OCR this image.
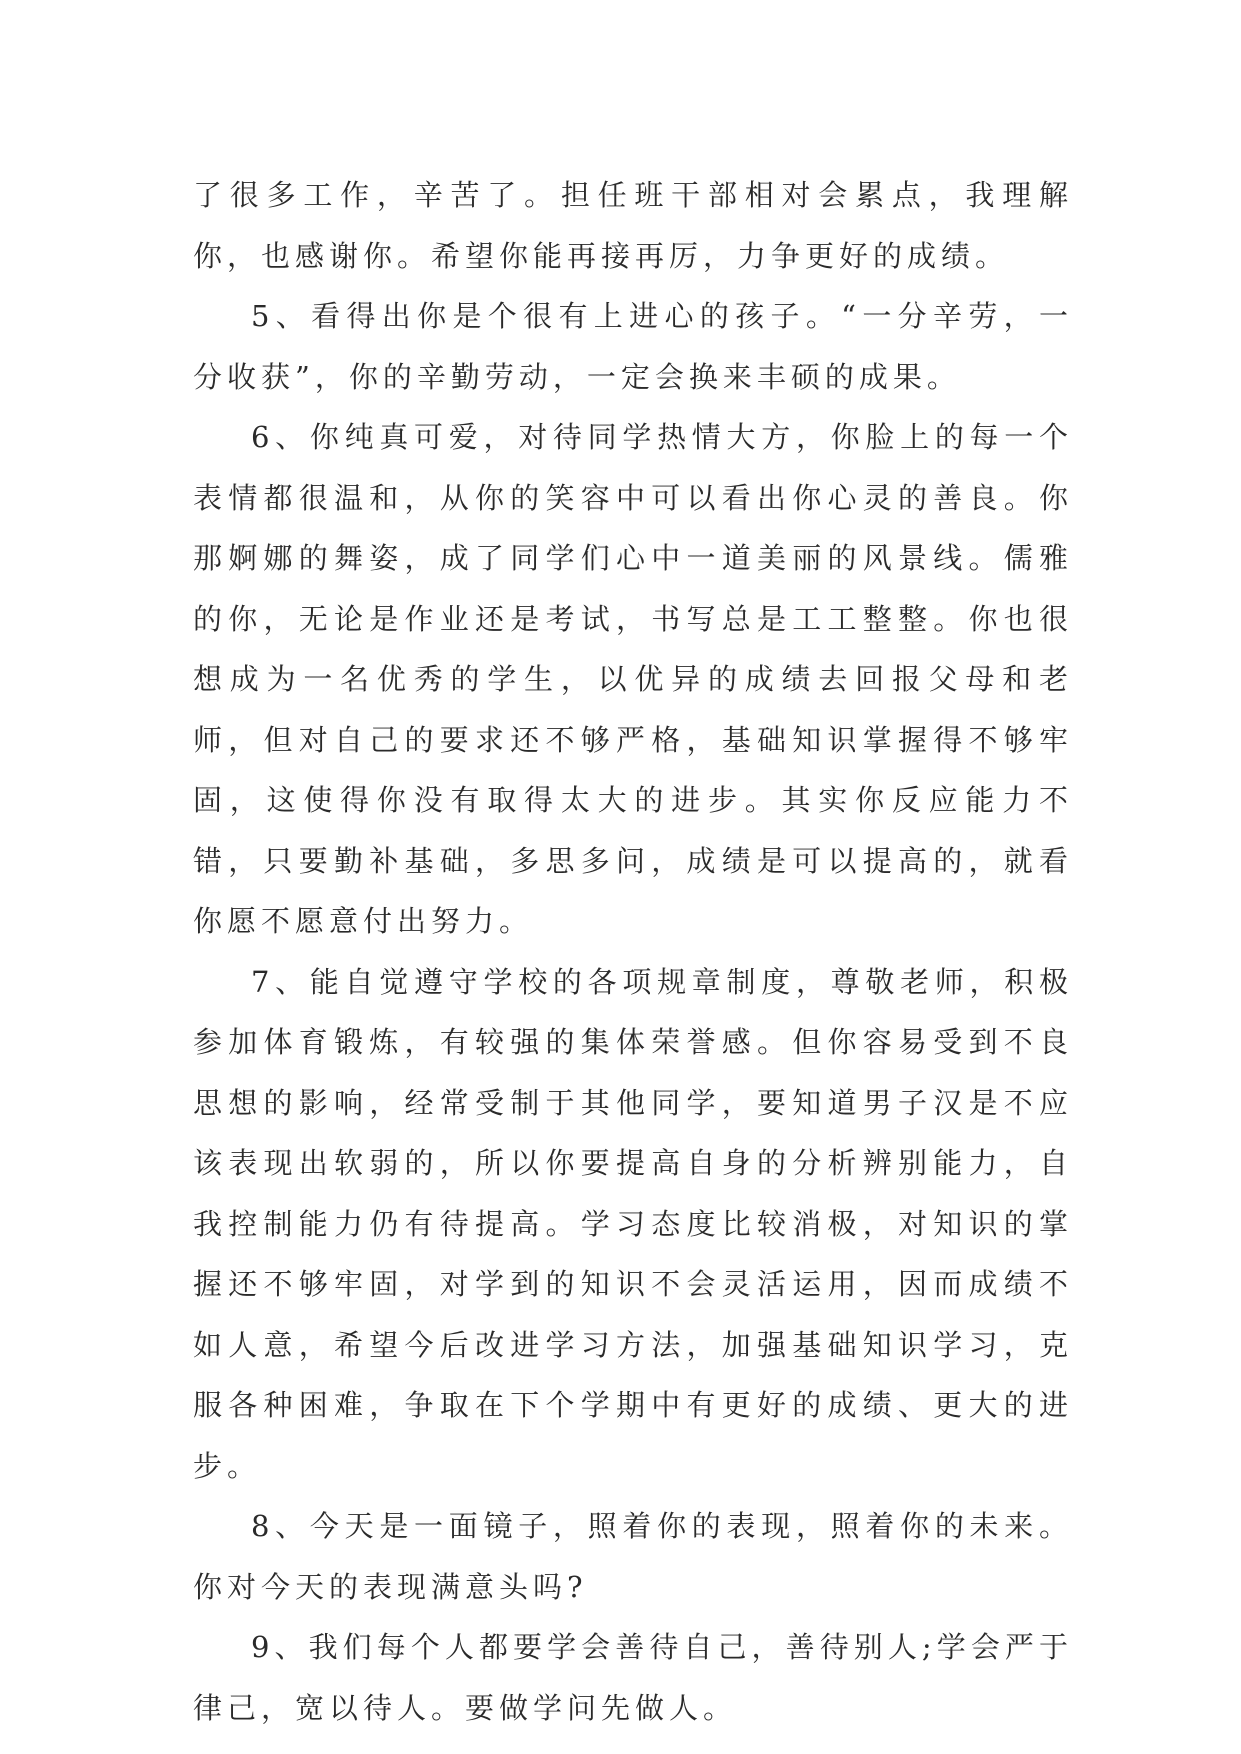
了很多工作，辛苦了。担任班干部相对会累点，我理解你，也感谢你。希望你能再接再厉，力争更好的成绩。

5、看得出你是个很有上进心的孩子。“一分辛劳，一分收获”，你的辛勤劳动，一定会换来丰硕的成果。

6、你纯真可爱，对待同学热情大方，你脸上的每一个表情都很温和，从你的笑容中可以看出你心灵的善良。你那婀娜的舞姿，成了同学们心中一道美丽的风景线。儒雅的你，无论是作业还是考试，书写总是工工整整。你也很想成为一名优秀的学生，以优异的成绩去回报父母和老师，但对自己的要求还不够严格，基础知识掌握得不够牢固，这使得你没有取得太大的进步。其实你反应能力不错，只要勤补基础，多思多问，成绩是可以提高的，就看你愿不愿意付出努力。

7、能自觉遵守学校的各项规章制度，尊敬老师，积极参加体育锻炼，有较强的集体荣誉感。但你容易受到不良思想的影响，经常受制于其他同学，要知道男子汉是不应该表现出软弱的，所以你要提高自身的分析辨别能力，自我控制能力仍有待提高。学习态度比较消极，对知识的掌握还不够牢固，对学到的知识不会灵活运用，因而成绩不如人意，希望今后改进学习方法，加强基础知识学习，克服各种困难，争取在下个学期中有更好的成绩、更大的进步。

8、今天是一面镜子，照着你的表现，照着你的未来。你对今天的表现满意头吗?

9、我们每个人都要学会善待自己，善待别人;学会严于律己，宽以待人。要做学问先做人。
